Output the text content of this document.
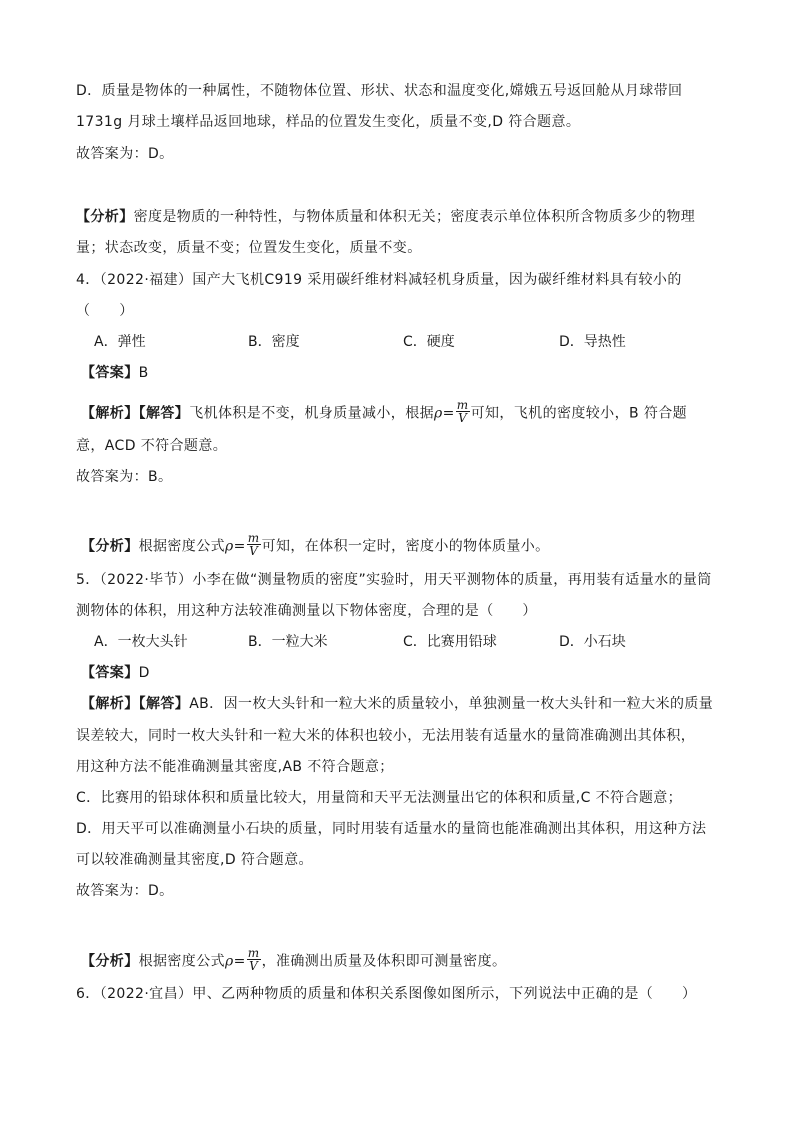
D．质量是物体的一种属性，不随物体位置、形状、状态和温度变化,嫦娥五号返回舱从月球带回
1731g 月球土壤样品返回地球，样品的位置发生变化，质量不变,D 符合题意。
故答案为：D。
【分析】密度是物质的一种特性，与物体质量和体积无关；密度表示单位体积所含物质多少的物理
量；状态改变，质量不变；位置发生变化，质量不变。
4．（2022·福建）国产大飞机C919 采用碳纤维材料减轻机身质量，因为碳纤维材料具有较小的
（　　）
A．弹性	B．密度	C．硬度	D．导热性
【答案】B
【解析】【解答】飞机体积是不变，机身质量减小，根据$\rho= \frac{m}{V}$ 可知，飞机的密度较小，B 符合题
意，ACD 不符合题意。
故答案为：B。
【分析】根据密度公式$\rho= \frac{m}{V}$ 可知，在体积一定时，密度小的物体质量小。
5．（2022·毕节）小李在做“测量物质的密度”实验时，用天平测物体的质量，再用装有适量水的量筒
测物体的体积，用这种方法较准确测量以下物体密度，合理的是（　　）
A．一枚大头针	B．一粒大米	C．比赛用铅球	D．小石块
【答案】D
【解析】【解答】AB．因一枚大头针和一粒大米的质量较小，单独测量一枚大头针和一粒大米的质量
误差较大，同时一枚大头针和一粒大米的体积也较小，无法用装有适量水的量筒准确测出其体积，
用这种方法不能准确测量其密度,AB 不符合题意；
C．比赛用的铅球体积和质量比较大，用量筒和天平无法测量出它的体积和质量,C 不符合题意；
D．用天平可以准确测量小石块的质量，同时用装有适量水的量筒也能准确测出其体积，用这种方法
可以较准确测量其密度,D 符合题意。
故答案为：D。
【分析】根据密度公式$\rho= \frac{m}{V}$ ，准确测出质量及体积即可测量密度。
6．（2022·宜昌）甲、乙两种物质的质量和体积关系图像如图所示，下列说法中正确的是（　　）
